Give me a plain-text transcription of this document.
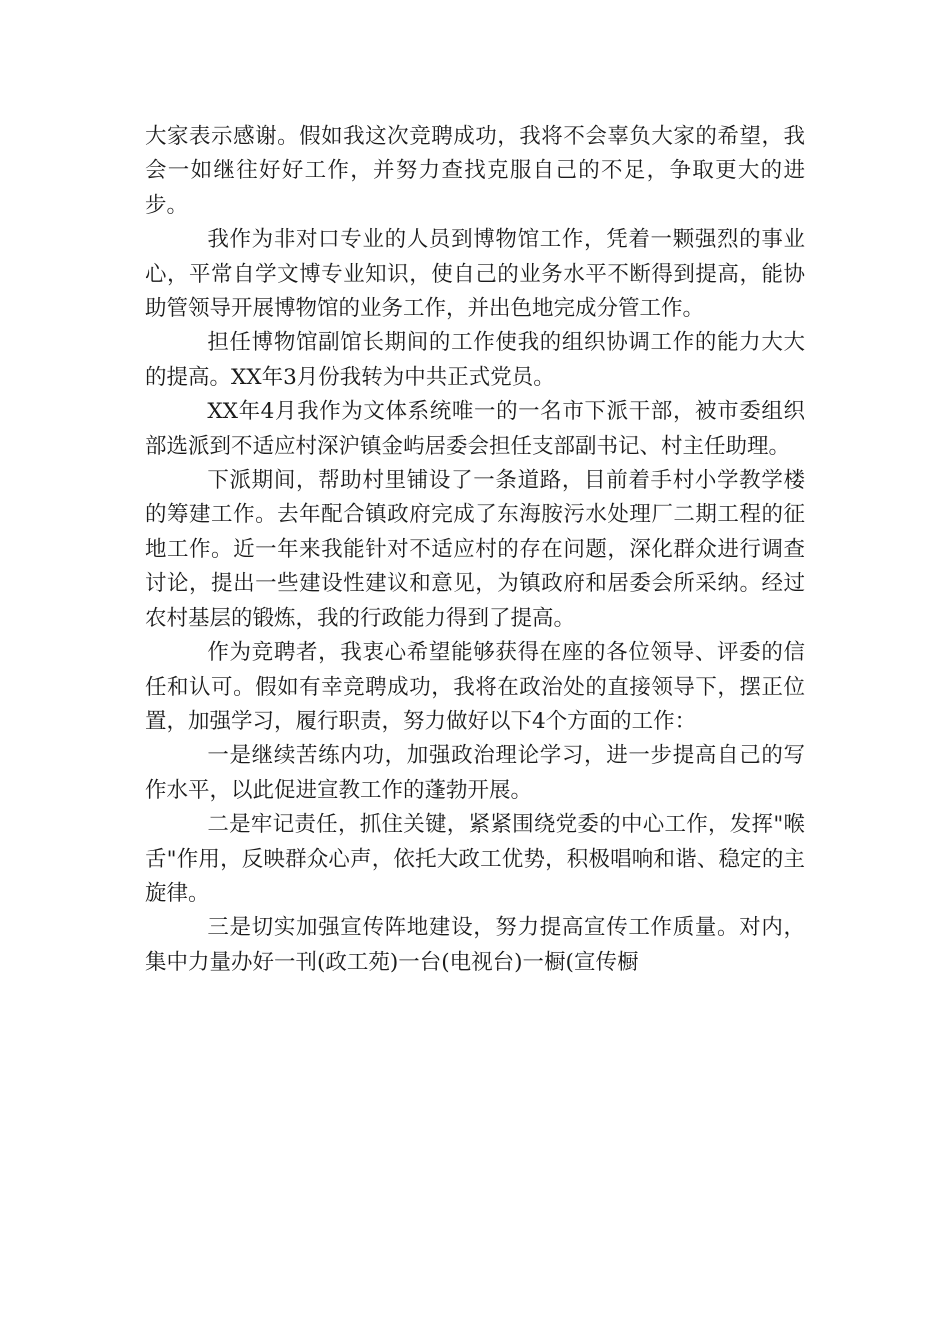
大家表示感谢。假如我这次竞聘成功，我将不会辜负大家的希望，我会一如继往好好工作，并努力查找克服自己的不足，争取更大的进步。

我作为非对口专业的人员到博物馆工作，凭着一颗强烈的事业心，平常自学文博专业知识，使自己的业务水平不断得到提高，能协助管领导开展博物馆的业务工作，并出色地完成分管工作。

担任博物馆副馆长期间的工作使我的组织协调工作的能力大大的提高。XX年3月份我转为中共正式党员。

XX年4月我作为文体系统唯一的一名市下派干部，被市委组织部选派到不适应村深沪镇金屿居委会担任支部副书记、村主任助理。

下派期间，帮助村里铺设了一条道路，目前着手村小学教学楼的筹建工作。去年配合镇政府完成了东海胺污水处理厂二期工程的征地工作。近一年来我能针对不适应村的存在问题，深化群众进行调查讨论，提出一些建设性建议和意见，为镇政府和居委会所采纳。经过农村基层的锻炼，我的行政能力得到了提高。

作为竞聘者，我衷心希望能够获得在座的各位领导、评委的信任和认可。假如有幸竞聘成功，我将在政治处的直接领导下，摆正位置，加强学习，履行职责，努力做好以下4个方面的工作：

一是继续苦练内功，加强政治理论学习，进一步提高自己的写作水平，以此促进宣教工作的蓬勃开展。

二是牢记责任，抓住关键，紧紧围绕党委的中心工作，发挥"喉舌"作用，反映群众心声，依托大政工优势，积极唱响和谐、稳定的主旋律。

三是切实加强宣传阵地建设，努力提高宣传工作质量。对内，集中力量办好一刊(政工苑)一台(电视台)一橱(宣传橱
